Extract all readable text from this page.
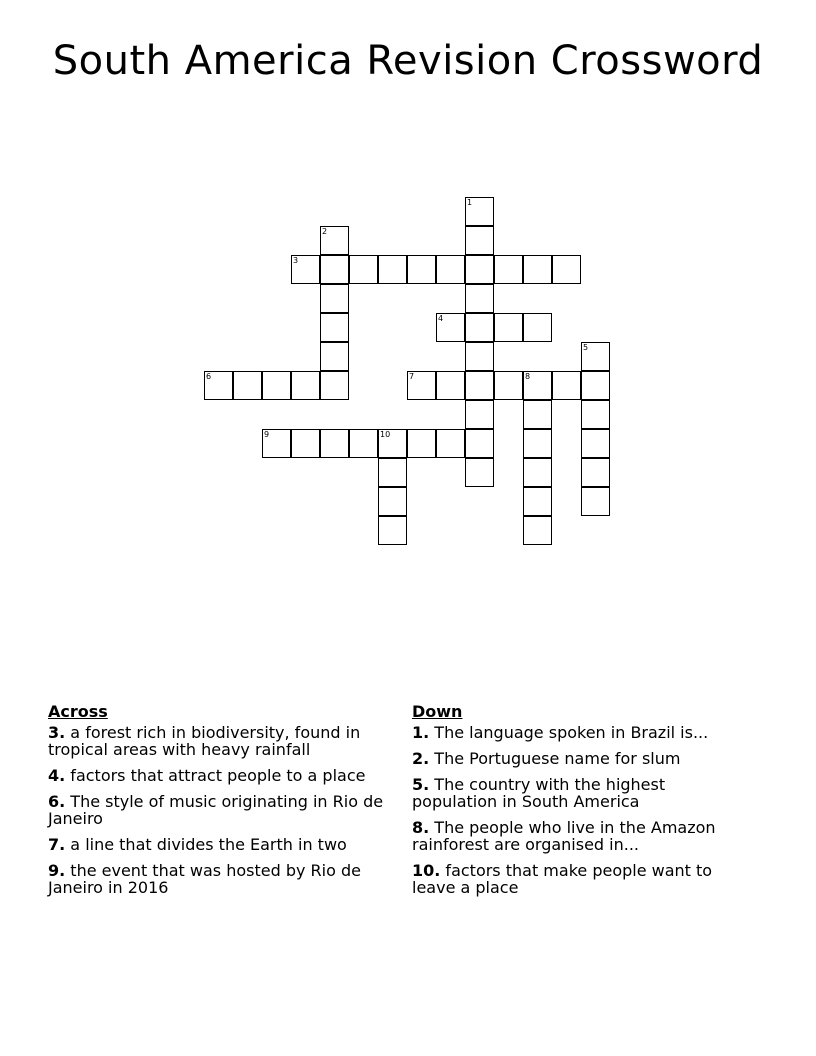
South America Revision Crossword
1
2
3
4
5
6	7	8
9	10
Across
3. a forest rich in biodiversity, found in tropical areas with heavy rainfall
4. factors that attract people to a place
6. The style of music originating in Rio de Janeiro
7. a line that divides the Earth in two
9. the event that was hosted by Rio de Janeiro in 2016
Down
1. The language spoken in Brazil is...
2. The Portuguese name for slum
5. The country with the highest population in South America
8. The people who live in the Amazon rainforest are organised in...
10. factors that make people want to leave a place
